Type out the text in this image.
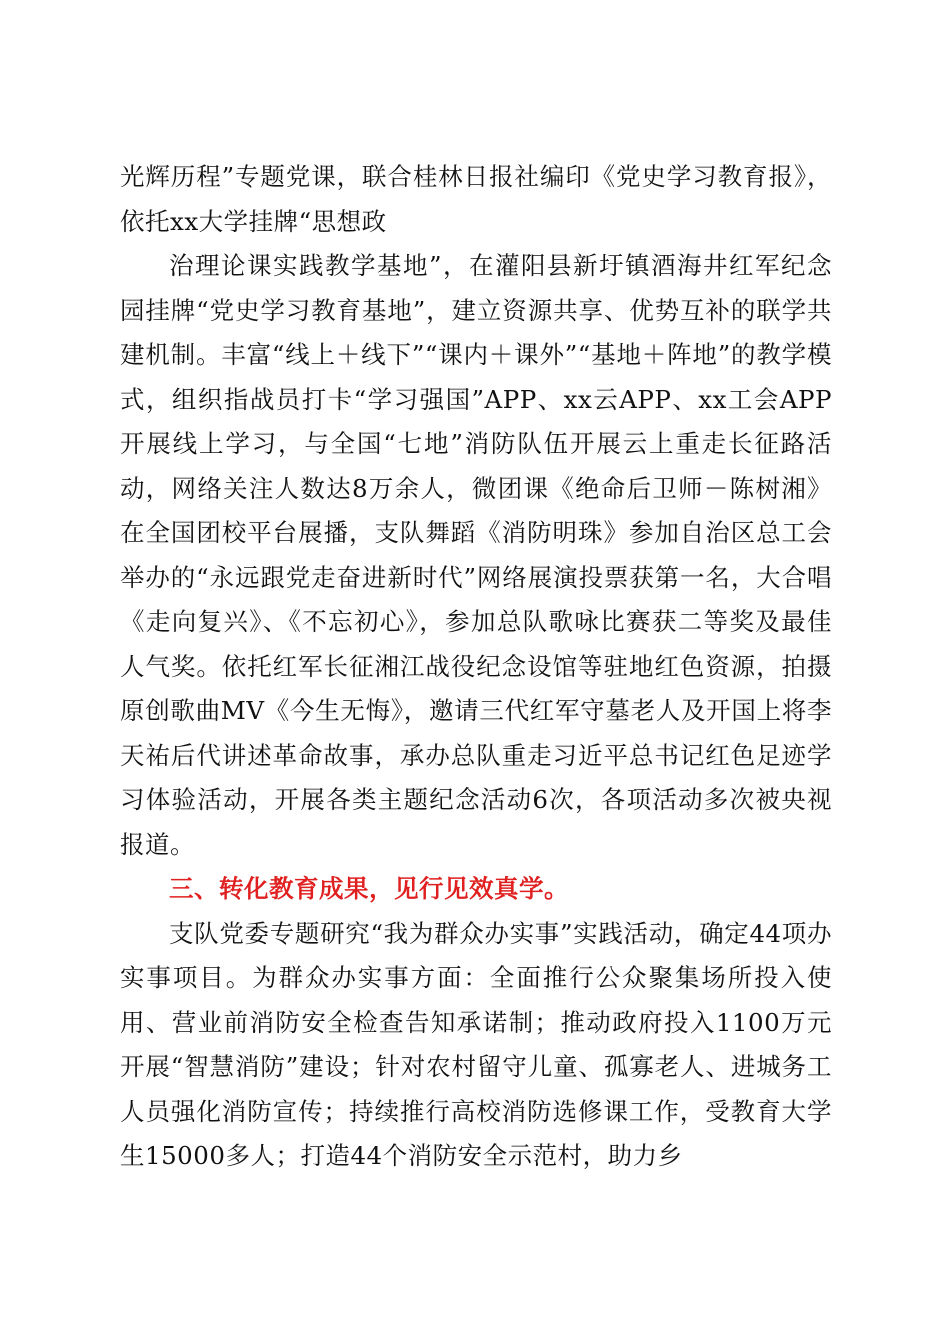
光辉历程”专题党课，联合桂林日报社编印《党史学习教育报》，依托xx大学挂牌“思想政

治理论课实践教学基地”，在灌阳县新圩镇酒海井红军纪念园挂牌“党史学习教育基地”，建立资源共享、优势互补的联学共建机制。丰富“线上＋线下”“课内＋课外”“基地＋阵地”的教学模式，组织指战员打卡“学习强国”APP、xx云APP、xx工会APP开展线上学习，与全国“七地”消防队伍开展云上重走长征路活动，网络关注人数达8万余人，微团课《绝命后卫师－陈树湘》在全国团校平台展播，支队舞蹈《消防明珠》参加自治区总工会举办的“永远跟党走奋进新时代”网络展演投票获第一名，大合唱《走向复兴》、《不忘初心》，参加总队歌咏比赛获二等奖及最佳人气奖。依托红军长征湘江战役纪念设馆等驻地红色资源，拍摄原创歌曲MV《今生无悔》，邀请三代红军守墓老人及开国上将李天祐后代讲述革命故事，承办总队重走习近平总书记红色足迹学习体验活动，开展各类主题纪念活动6次，各项活动多次被央视报道。

三、转化教育成果，见行见效真学。

支队党委专题研究“我为群众办实事”实践活动，确定44项办实事项目。为群众办实事方面：全面推行公众聚集场所投入使用、营业前消防安全检查告知承诺制；推动政府投入1100万元开展“智慧消防”建设；针对农村留守儿童、孤寡老人、进城务工人员强化消防宣传；持续推行高校消防选修课工作，受教育大学生15000多人；打造44个消防安全示范村，助力乡
